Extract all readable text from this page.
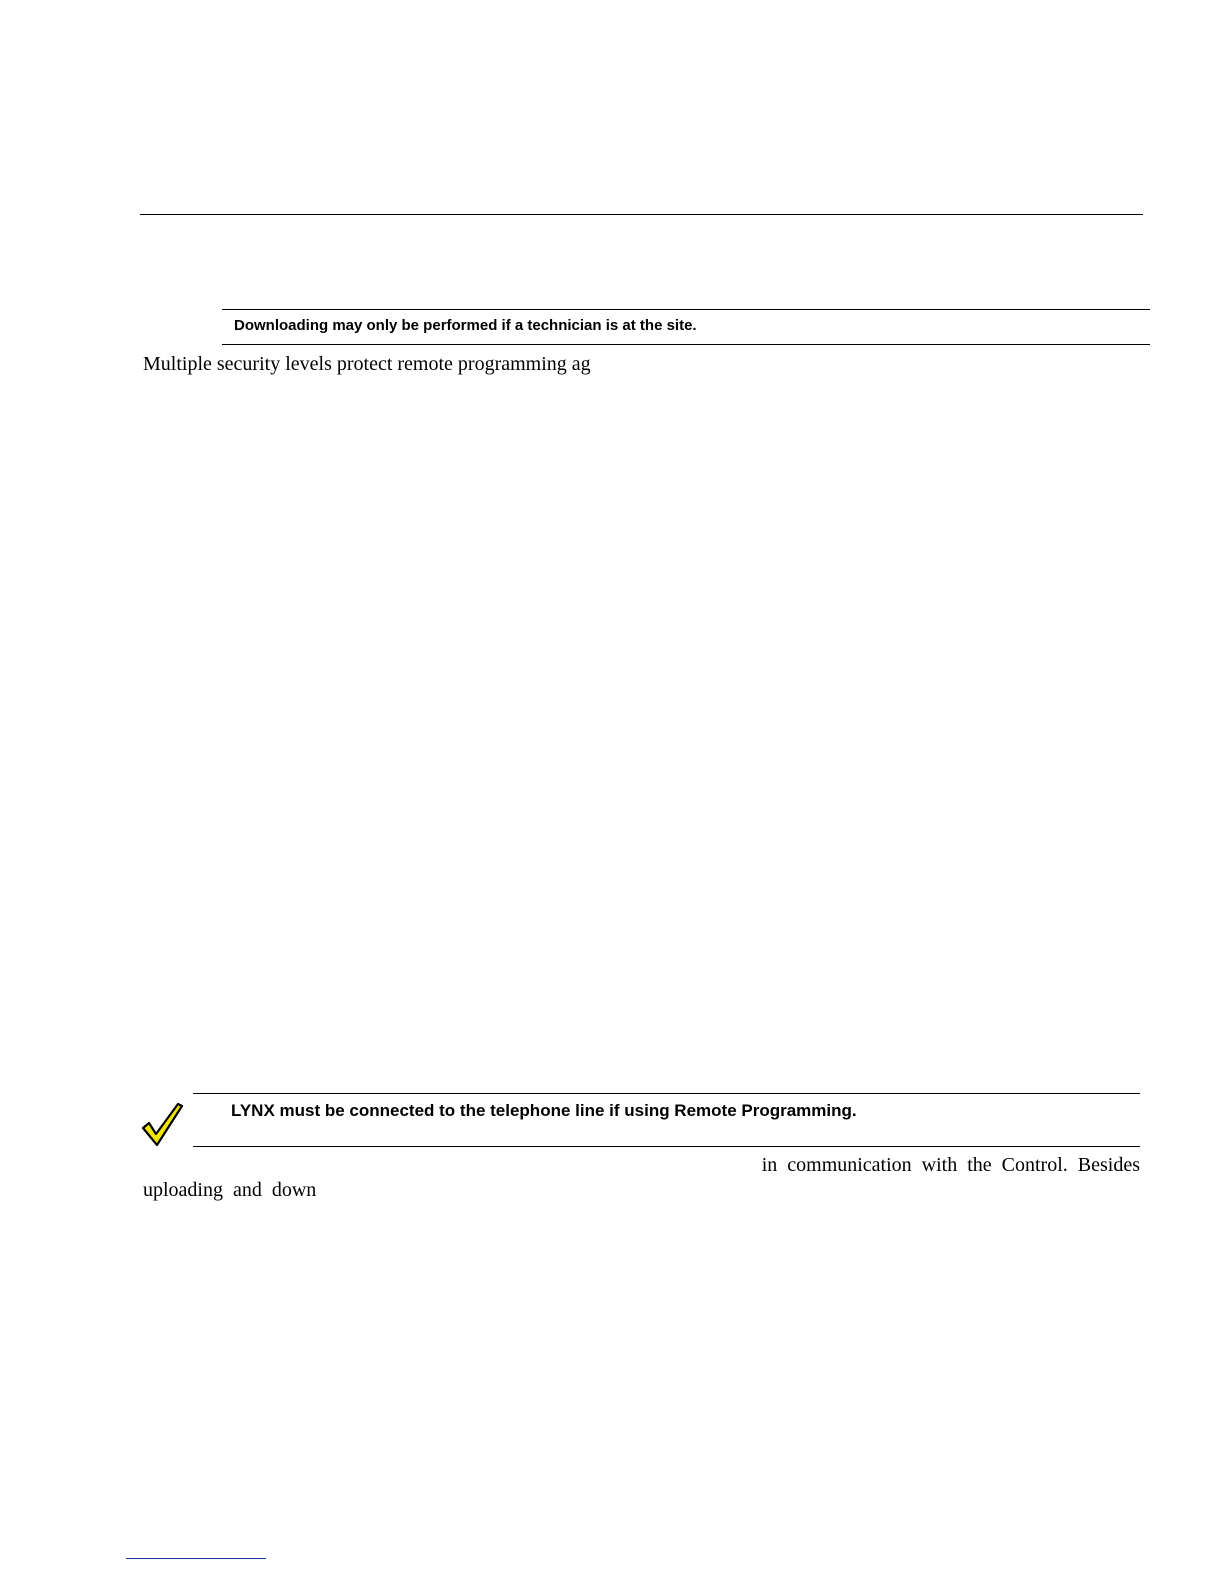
Downloading may only be performed if a technician is at the site.
Multiple security levels protect remote programming ag
LYNX must be connected to the telephone line if using Remote Programming.
in communication with the Control. Besides
uploading and down
